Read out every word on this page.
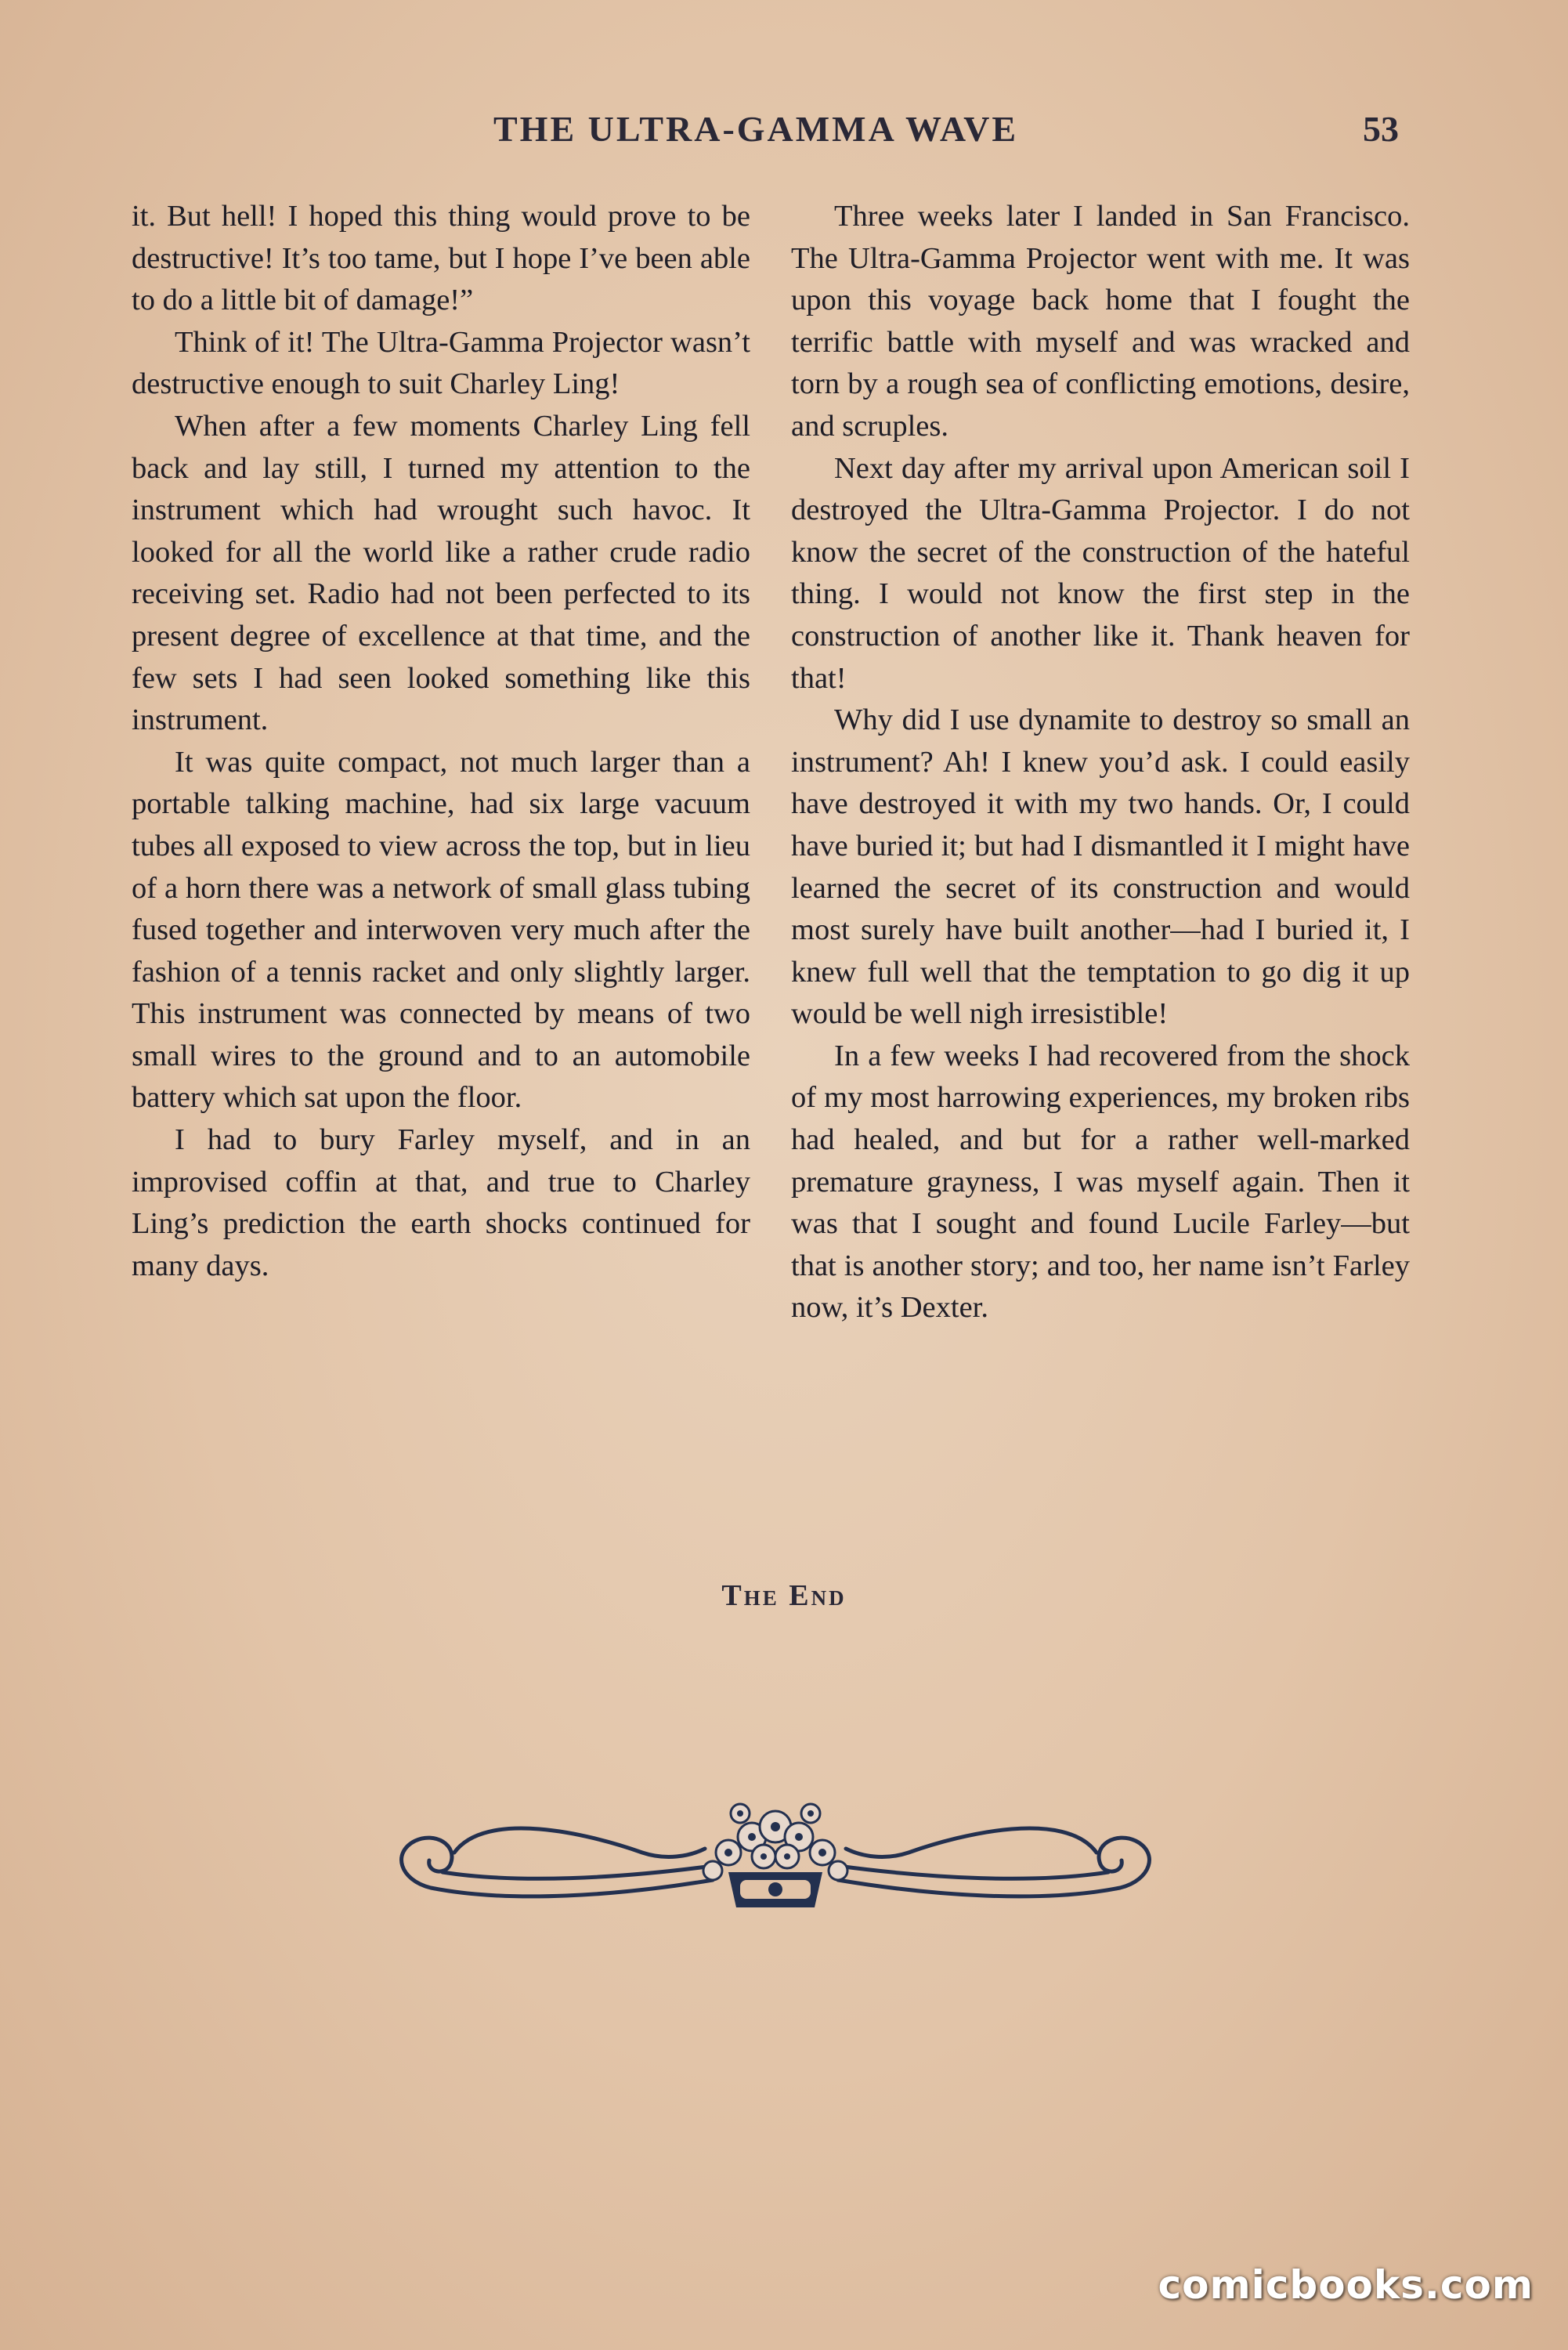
THE ULTRA-GAMMA WAVE	53

it. But hell! I hoped this thing would prove to be destructive! It’s too tame, but I hope I’ve been able to do a little bit of damage!”

Think of it! The Ultra-Gamma Projector wasn’t destructive enough to suit Charley Ling!

When after a few moments Charley Ling fell back and lay still, I turned my attention to the instrument which had wrought such havoc. It looked for all the world like a rather crude radio receiving set. Radio had not been perfected to its present degree of excellence at that time, and the few sets I had seen looked something like this instrument.

It was quite compact, not much larger than a portable talking machine, had six large vacuum tubes all exposed to view across the top, but in lieu of a horn there was a network of small glass tubing fused together and interwoven very much after the fashion of a tennis racket and only slightly larger. This instrument was connected by means of two small wires to the ground and to an automobile battery which sat upon the floor.

I had to bury Farley myself, and in an improvised coffin at that, and true to Charley Ling’s prediction the earth shocks continued for many days.

Three weeks later I landed in San Francisco. The Ultra-Gamma Projector went with me. It was upon this voyage back home that I fought the terrific battle with myself and was wracked and torn by a rough sea of conflicting emotions, desire, and scruples.

Next day after my arrival upon American soil I destroyed the Ultra-Gamma Projector. I do not know the secret of the construction of the hateful thing. I would not know the first step in the construction of another like it. Thank heaven for that!

Why did I use dynamite to destroy so small an instrument? Ah! I knew you’d ask. I could easily have destroyed it with my two hands. Or, I could have buried it; but had I dismantled it I might have learned the secret of its construction and would most surely have built another—had I buried it, I knew full well that the temptation to go dig it up would be well nigh irresistible!

In a few weeks I had recovered from the shock of my most harrowing experiences, my broken ribs had healed, and but for a rather well-marked premature grayness, I was myself again. Then it was that I sought and found Lucile Farley—but that is another story; and too, her name isn’t Farley now, it’s Dexter.

The End
comicbooks.com
